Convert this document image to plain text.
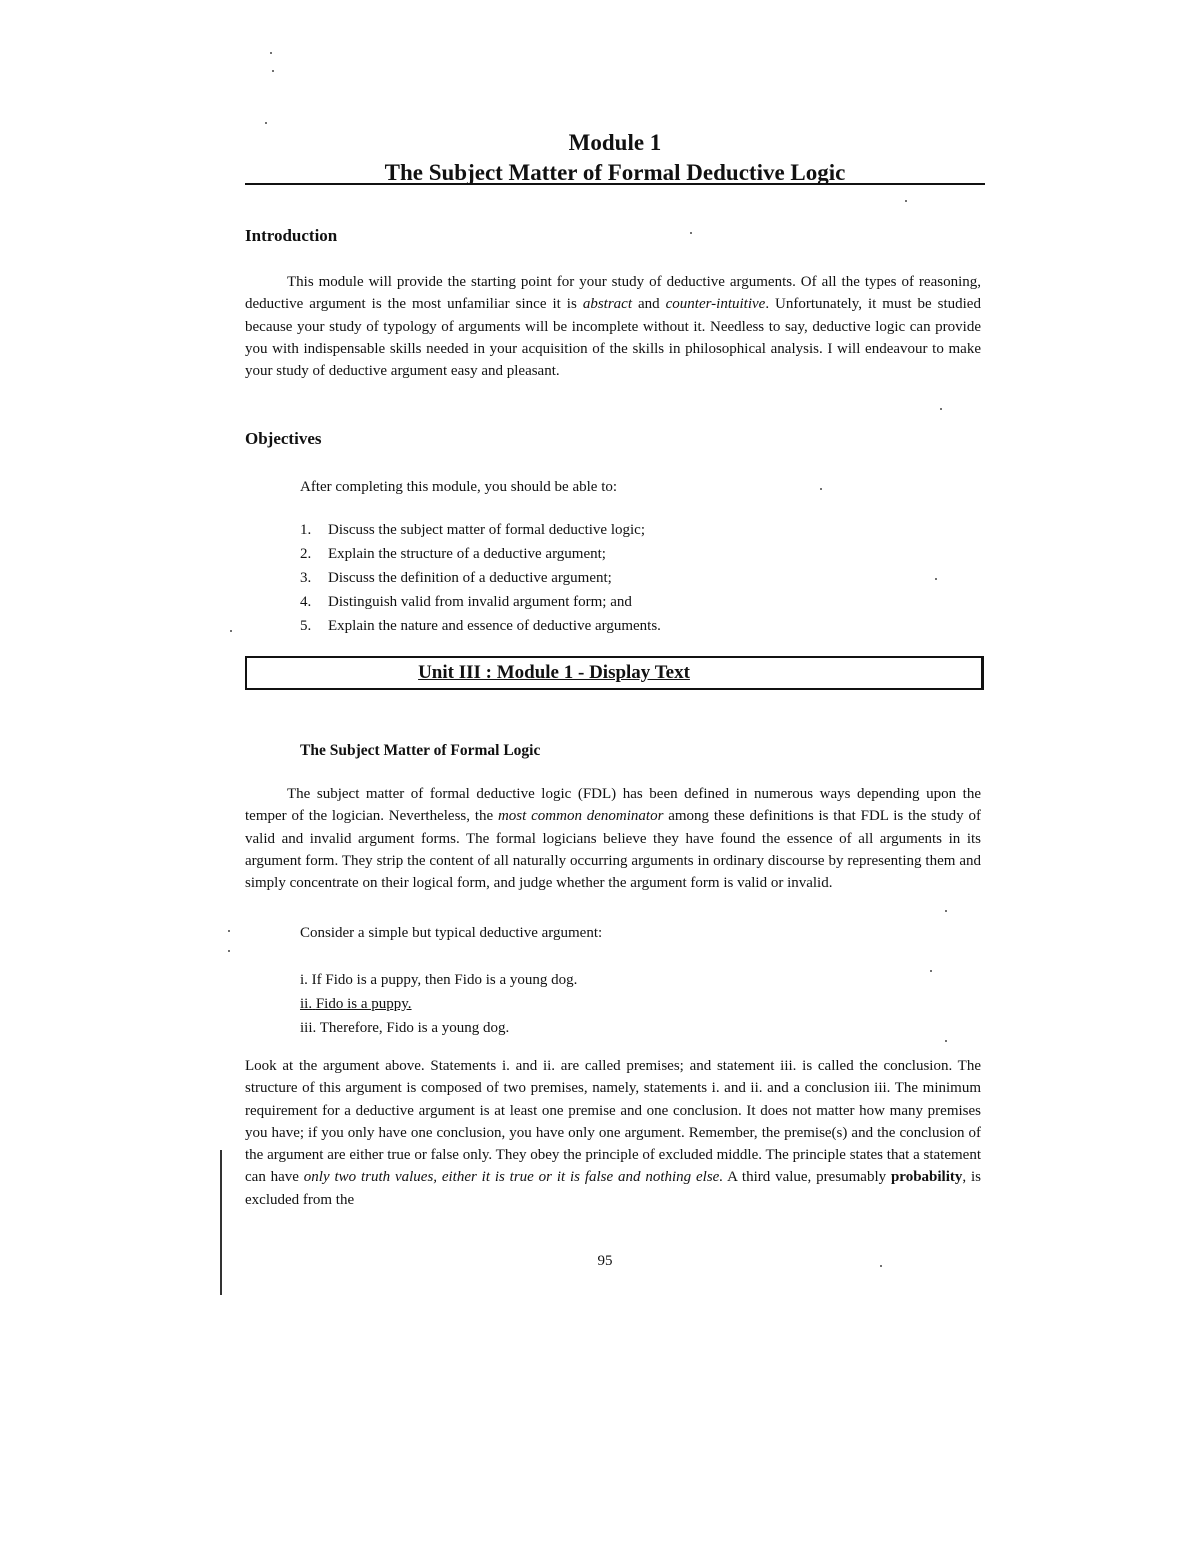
Module 1

The Subject Matter of Formal Deductive Logic

Introduction

This module will provide the starting point for your study of deductive arguments. Of all the types of reasoning, deductive argument is the most unfamiliar since it is abstract and counter-intuitive. Unfortunately, it must be studied because your study of typology of arguments will be incomplete without it. Needless to say, deductive logic can provide you with indispensable skills needed in your acquisition of the skills in philosophical analysis. I will endeavour to make your study of deductive argument easy and pleasant.

Objectives

After completing this module, you should be able to:

1. Discuss the subject matter of formal deductive logic;
2. Explain the structure of a deductive argument;
3. Discuss the definition of a deductive argument;
4. Distinguish valid from invalid argument form; and
5. Explain the nature and essence of deductive arguments.
Unit III : Module 1 - Display Text
The Subject Matter of Formal Logic

The subject matter of formal deductive logic (FDL) has been defined in numerous ways depending upon the temper of the logician. Nevertheless, the most common denominator among these definitions is that FDL is the study of valid and invalid argument forms. The formal logicians believe they have found the essence of all arguments in its argument form. They strip the content of all naturally occurring arguments in ordinary discourse by representing them and simply concentrate on their logical form, and judge whether the argument form is valid or invalid.

Consider a simple but typical deductive argument:

i. If Fido is a puppy, then Fido is a young dog.
ii. Fido is a puppy.
iii. Therefore, Fido is a young dog.

Look at the argument above. Statements i. and ii. are called premises; and statement iii. is called the conclusion. The structure of this argument is composed of two premises, namely, statements i. and ii. and a conclusion iii. The minimum requirement for a deductive argument is at least one premise and one conclusion. It does not matter how many premises you have; if you only have one conclusion, you have only one argument. Remember, the premise(s) and the conclusion of the argument are either true or false only. They obey the principle of excluded middle. The principle states that a statement can have only two truth values, either it is true or it is false and nothing else. A third value, presumably probability, is excluded from the

95
